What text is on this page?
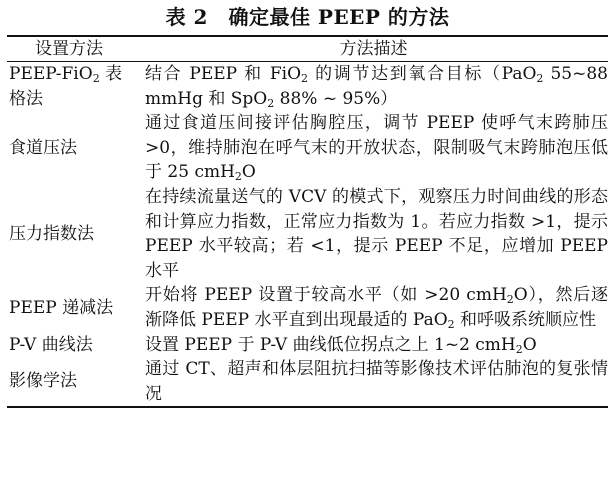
表 2　确定最佳 PEEP 的方法
设置方法	方法描述
PEEP-FiO$_2$ 表格法	结合 PEEP 和 FiO$_2$ 的调节达到氧合目标（PaO$_2$ 55~88 mmHg 和 SpO$_2$ 88% ~ 95%）
食道压法	通过食道压间接评估胸腔压，调节 PEEP 使呼气末跨肺压 >0，维持肺泡在呼气末的开放状态，限制吸气末跨肺泡压低于 25 cmH$_2$O
压力指数法	在持续流量送气的 VCV 的模式下，观察压力时间曲线的形态和计算应力指数，正常应力指数为 1。若应力指数 >1，提示 PEEP 水平较高；若 <1，提示 PEEP 不足，应增加 PEEP 水平
PEEP 递减法	开始将 PEEP 设置于较高水平（如 >20 cmH$_2$O），然后逐渐降低 PEEP 水平直到出现最适的 PaO$_2$ 和呼吸系统顺应性
P-V 曲线法	设置 PEEP 于 P-V 曲线低位拐点之上 1~2 cmH$_2$O
影像学法	通过 CT、超声和体层阻抗扫描等影像技术评估肺泡的复张情况
